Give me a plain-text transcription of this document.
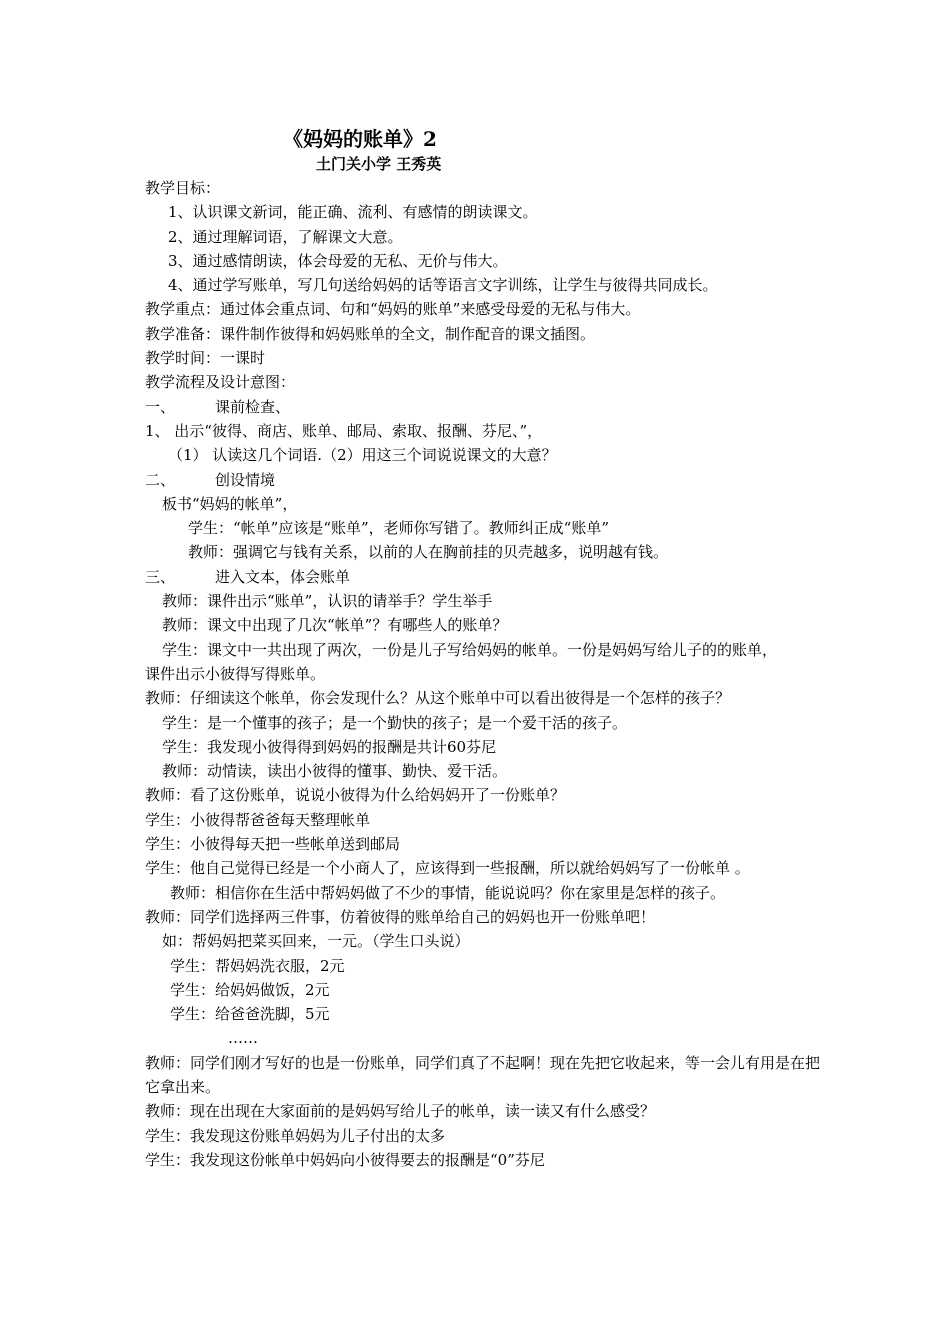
《妈妈的账单》2
土门关小学 王秀英
教学目标：
1、认识课文新词，能正确、流利、有感情的朗读课文。
2、通过理解词语，了解课文大意。
3、通过感情朗读，体会母爱的无私、无价与伟大。
4、通过学写账单，写几句送给妈妈的话等语言文字训练，让学生与彼得共同成长。
教学重点：通过体会重点词、句和“妈妈的账单”来感受母爱的无私与伟大。
教学准备：课件制作彼得和妈妈账单的全文，制作配音的课文插图。
教学时间：一课时
教学流程及设计意图：
一、	课前检查、
1、 出示“彼得、商店、账单、邮局、索取、报酬、芬尼、”，
（1） 认读这几个词语.（2）用这三个词说说课文的大意？
二、	创设情境
板书“妈妈的帐单”，
学生：“帐单”应该是“账单”，老师你写错了。教师纠正成“账单”
教师：强调它与钱有关系，以前的人在胸前挂的贝壳越多，说明越有钱。
三、	进入文本，体会账单
教师：课件出示“账单”，认识的请举手？学生举手
教师：课文中出现了几次“帐单”？有哪些人的账单？
学生：课文中一共出现了两次，一份是儿子写给妈妈的帐单。一份是妈妈写给儿子的的账单，
课件出示小彼得写得账单。
教师：仔细读这个帐单，你会发现什么？从这个账单中可以看出彼得是一个怎样的孩子？
学生：是一个懂事的孩子；是一个勤快的孩子；是一个爱干活的孩子。
学生：我发现小彼得得到妈妈的报酬是共计60芬尼
教师：动情读，读出小彼得的懂事、勤快、爱干活。
教师：看了这份账单，说说小彼得为什么给妈妈开了一份账单？
学生：小彼得帮爸爸每天整理帐单
学生：小彼得每天把一些帐单送到邮局
学生：他自己觉得已经是一个小商人了，应该得到一些报酬，所以就给妈妈写了一份帐单 。
教师：相信你在生活中帮妈妈做了不少的事情，能说说吗？你在家里是怎样的孩子。
教师：同学们选择两三件事，仿着彼得的账单给自己的妈妈也开一份账单吧！
如：帮妈妈把菜买回来，一元。（学生口头说）
学生：帮妈妈洗衣服，2元
学生：给妈妈做饭，2元
学生：给爸爸洗脚，5元
……
教师：同学们刚才写好的也是一份账单，同学们真了不起啊！现在先把它收起来，等一会儿有用是在把它拿出来。
教师：现在出现在大家面前的是妈妈写给儿子的帐单，读一读又有什么感受？
学生：我发现这份账单妈妈为儿子付出的太多
学生：我发现这份帐单中妈妈向小彼得要去的报酬是“0”芬尼
